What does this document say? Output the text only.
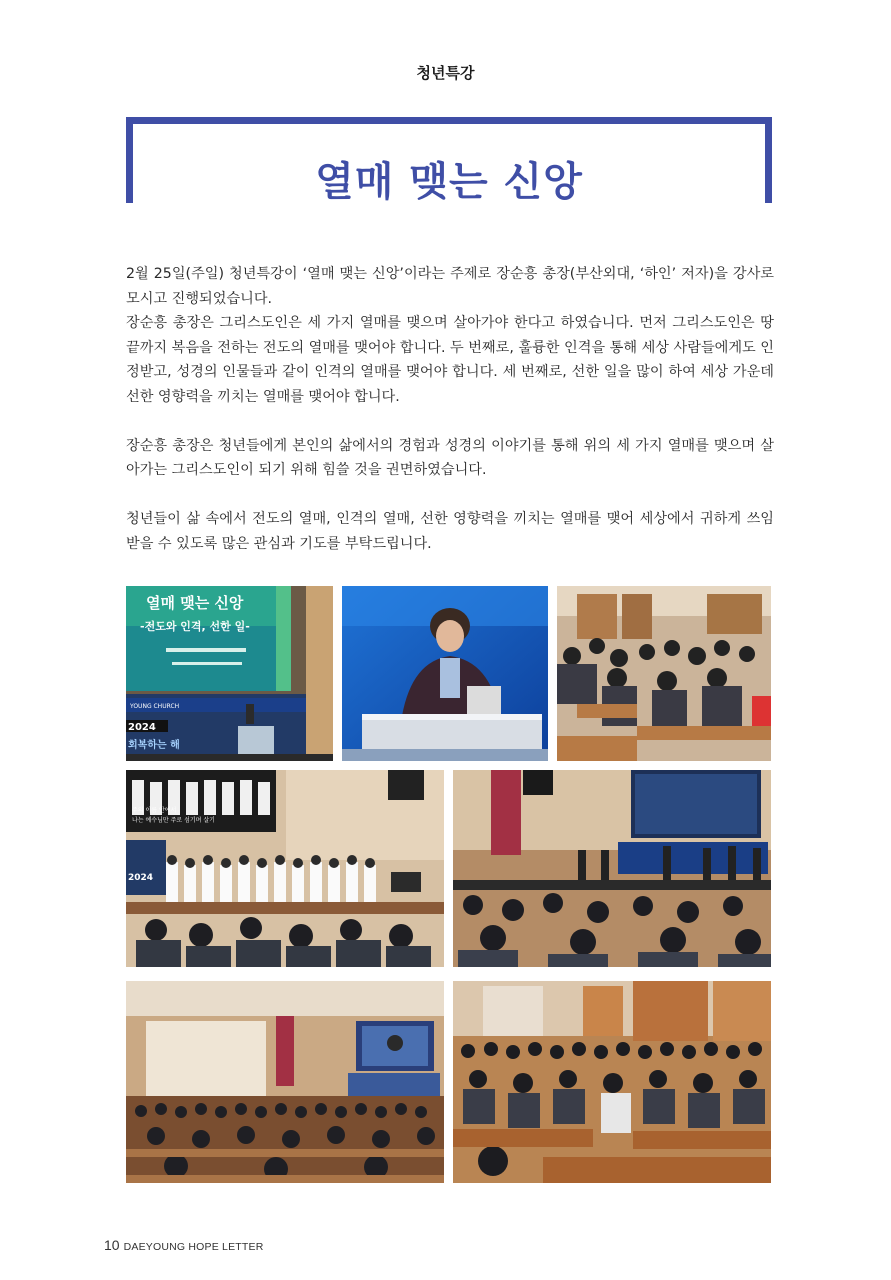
청년특강
열매 맺는 신앙

2월 25일(주일) 청년특강이 ‘열매 맺는 신앙’이라는 주제로 장순흥 총장(부산외대, ‘하인’ 저자)을 강사로 모시고 진행되었습니다.

장순흥 총장은 그리스도인은 세 가지 열매를 맺으며 살아가야 한다고 하였습니다. 먼저 그리스도인은 땅 끝까지 복음을 전하는 전도의 열매를 맺어야 합니다. 두 번째로, 훌륭한 인격을 통해 세상 사람들에게도 인정받고, 성경의 인물들과 같이 인격의 열매를 맺어야 합니다. 세 번째로, 선한 일을 많이 하여 세상 가운데 선한 영향력을 끼치는 열매를 맺어야 합니다.

장순흥 총장은 청년들에게 본인의 삶에서의 경험과 성경의 이야기를 통해 위의 세 가지 열매를 맺으며 살아가는 그리스도인이 되기 위해 힘쓸 것을 권면하였습니다.

청년들이 삶 속에서 전도의 열매, 인격의 열매, 선한 영향력을 끼치는 열매를 맺어 세상에서 귀하게 쓰임 받을 수 있도록 많은 관심과 기도를 부탁드립니다.

열매 맺는 신앙
-전도와 인격, 선한 일-
YOUNG CHURCH
2024
회복하는 해
주의 이름 안에서
나는 예수님만 주로 섬기며 살기
2024
10 DAEYOUNG HOPE LETTER
